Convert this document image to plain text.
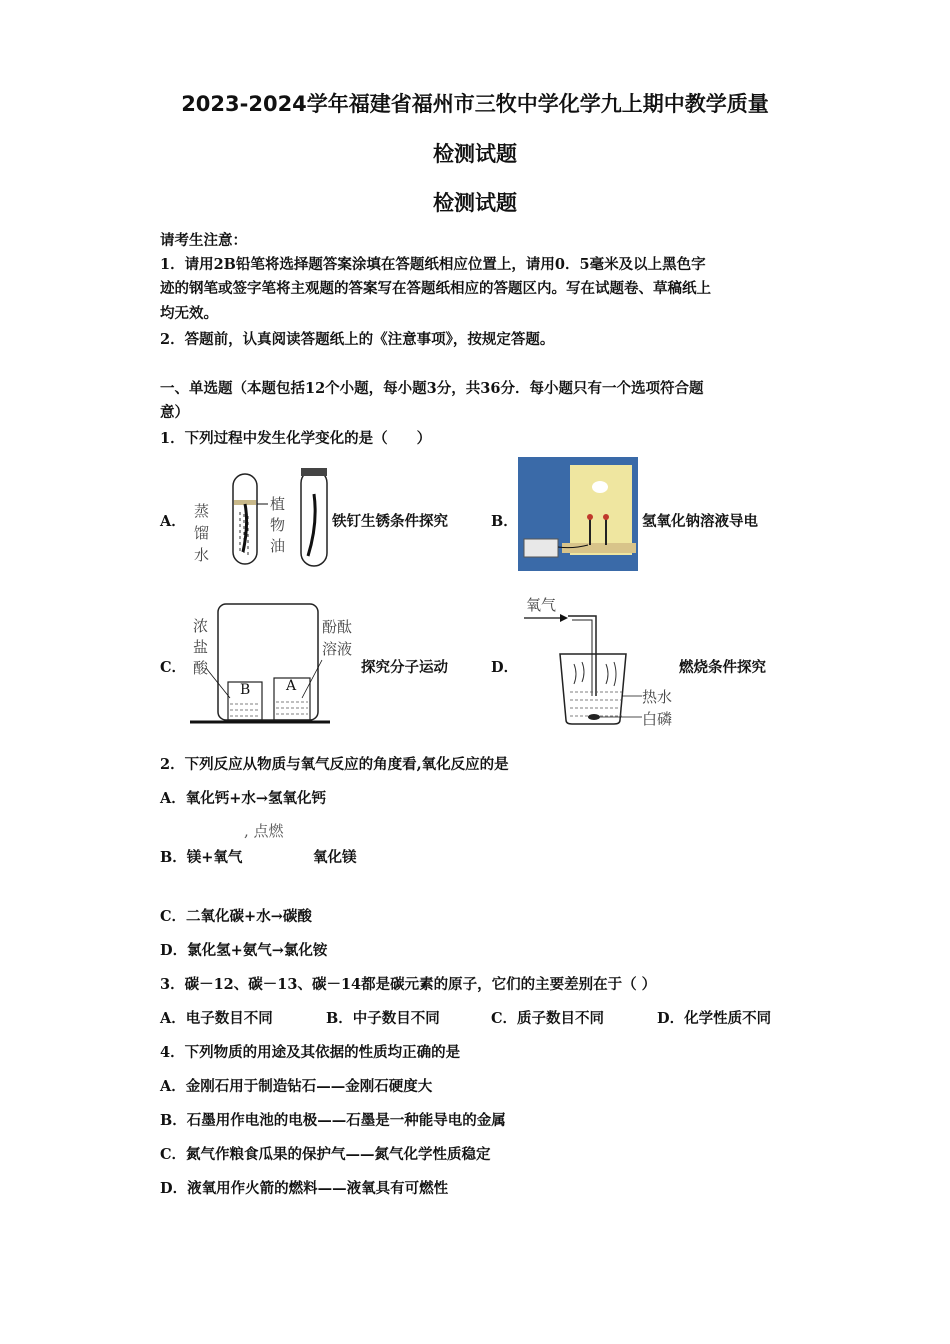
2023-2024学年福建省福州市三牧中学化学九上期中教学质量
检测试题
检测试题
请考生注意：
1．请用2B铅笔将选择题答案涂填在答题纸相应位置上，请用0．5毫米及以上黑色字
迹的钢笔或签字笔将主观题的答案写在答题纸相应的答题区内。写在试题卷、草稿纸上
均无效。
2．答题前，认真阅读答题纸上的《注意事项》，按规定答题。
一、单选题（本题包括12个小题，每小题3分，共36分．每小题只有一个选项符合题
意）
1．下列过程中发生化学变化的是（　　）
A．
蒸馏水
植物油
铁钉生锈条件探究	B．	氢氧化钠溶液导电
C．
B	A
浓盐酸
酚酞溶液
探究分子运动	D．
氧气
热水
白磷
燃烧条件探究
2．下列反应从物质与氧气反应的角度看,氧化反应的是
A．氧化钙+水→氢氧化钙
, 点燃
B．镁+氧气	氧化镁
C．二氧化碳+水→碳酸
D．氯化氢+氨气→氯化铵
3．碳－12、碳－13、碳－14都是碳元素的原子，它们的主要差别在于（ ）
A．电子数目不同	B．中子数目不同	C．质子数目不同	D．化学性质不同
4．下列物质的用途及其依据的性质均正确的是
A．金刚石用于制造钻石——金刚石硬度大
B．石墨用作电池的电极——石墨是一种能导电的金属
C．氮气作粮食瓜果的保护气——氮气化学性质稳定
D．液氧用作火箭的燃料——液氧具有可燃性
